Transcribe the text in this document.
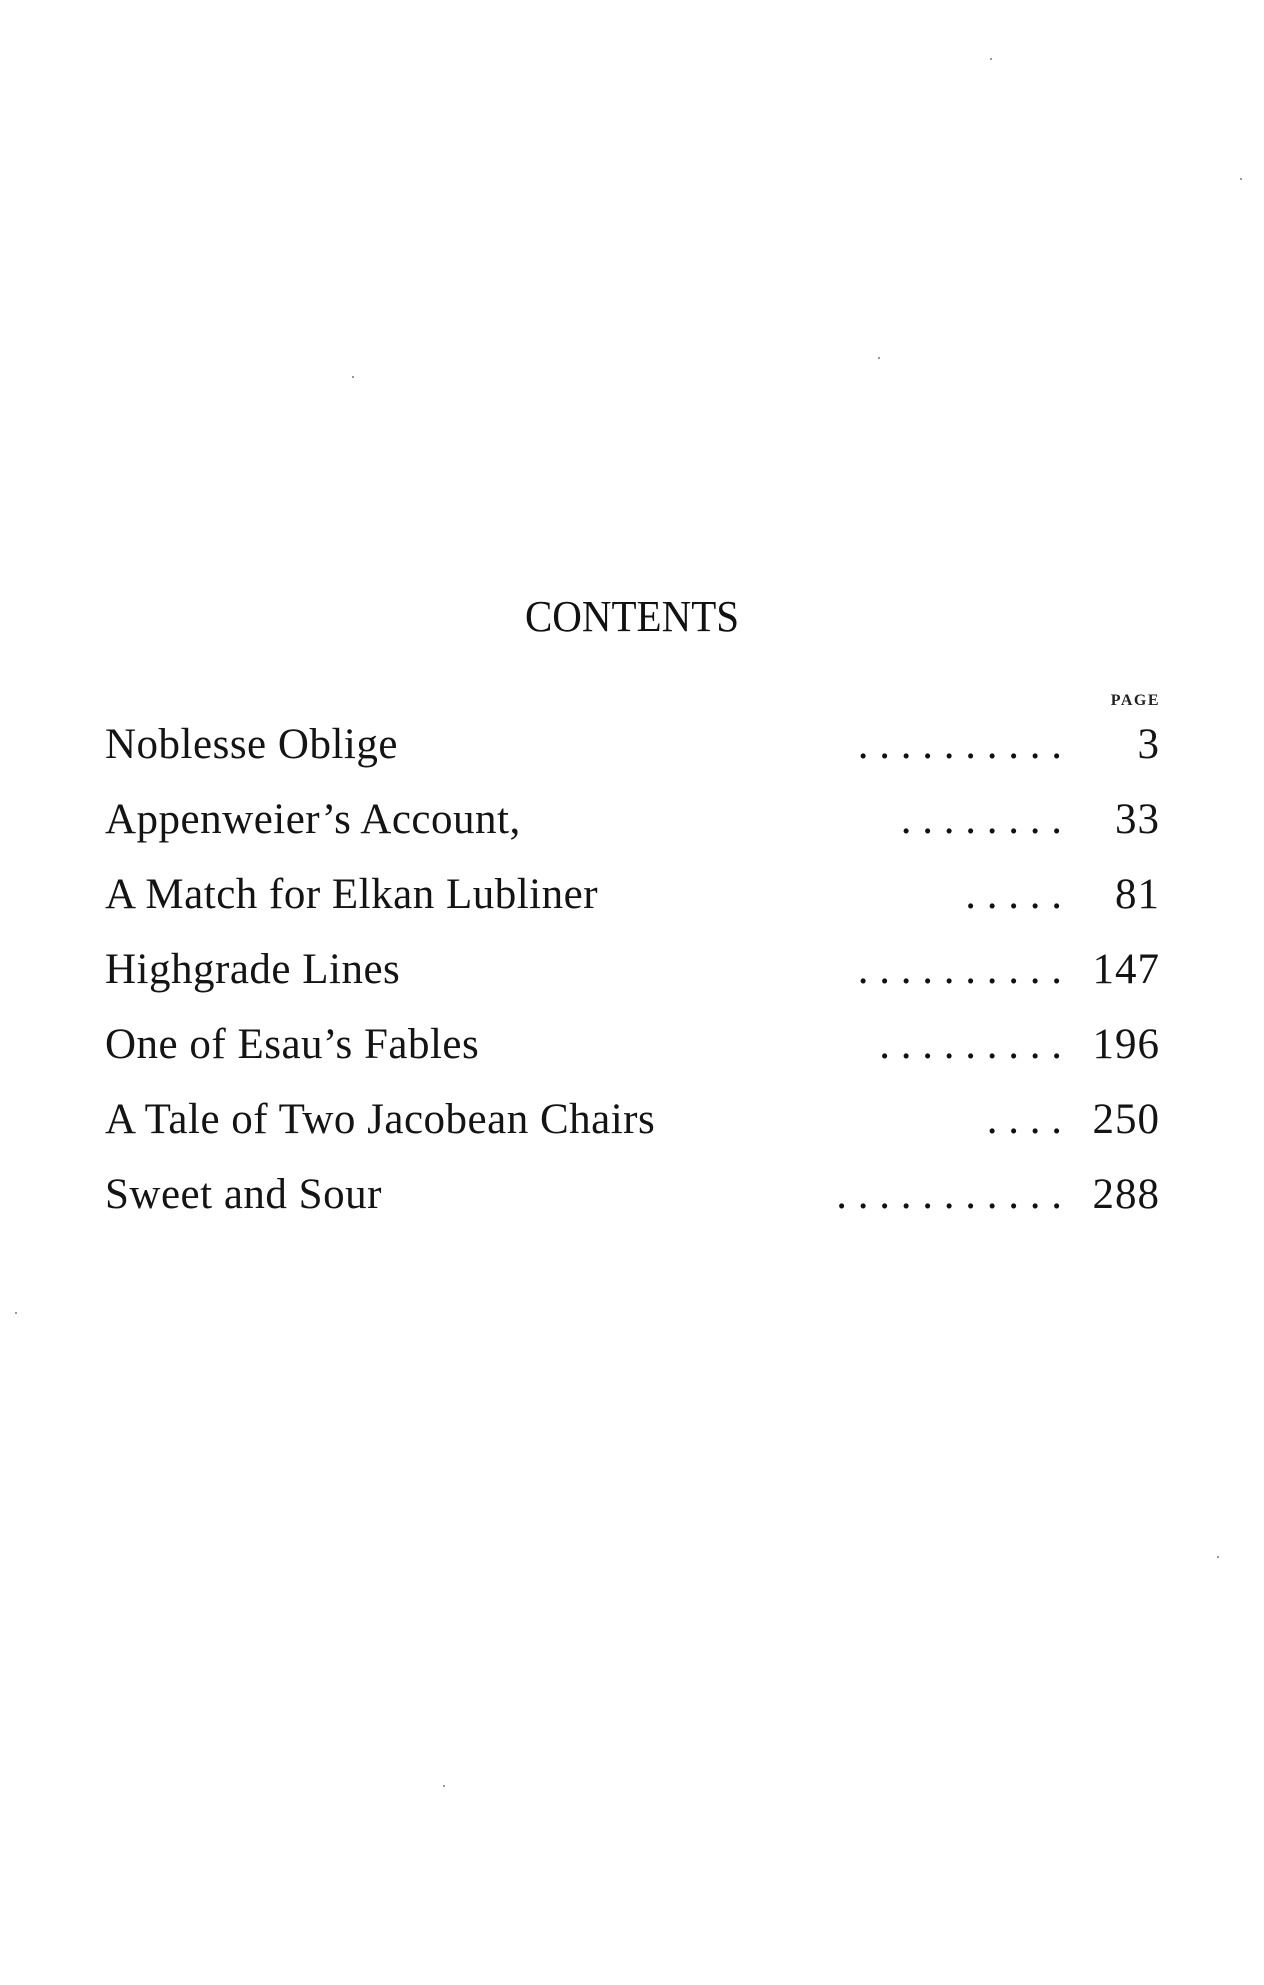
CONTENTS
PAGE
Noblesse Oblige	. . . . . . . . . .	3
Appenweier’s Account,	. . . . . . . .	33
A Match for Elkan Lubliner	. . . . .	81
Highgrade Lines	. . . . . . . . . . 147
One of Esau’s Fables	. . . . . . . . . 196
A Tale of Two Jacobean Chairs	. . . . 250
Sweet and Sour	. . . . . . . . . . . 288
